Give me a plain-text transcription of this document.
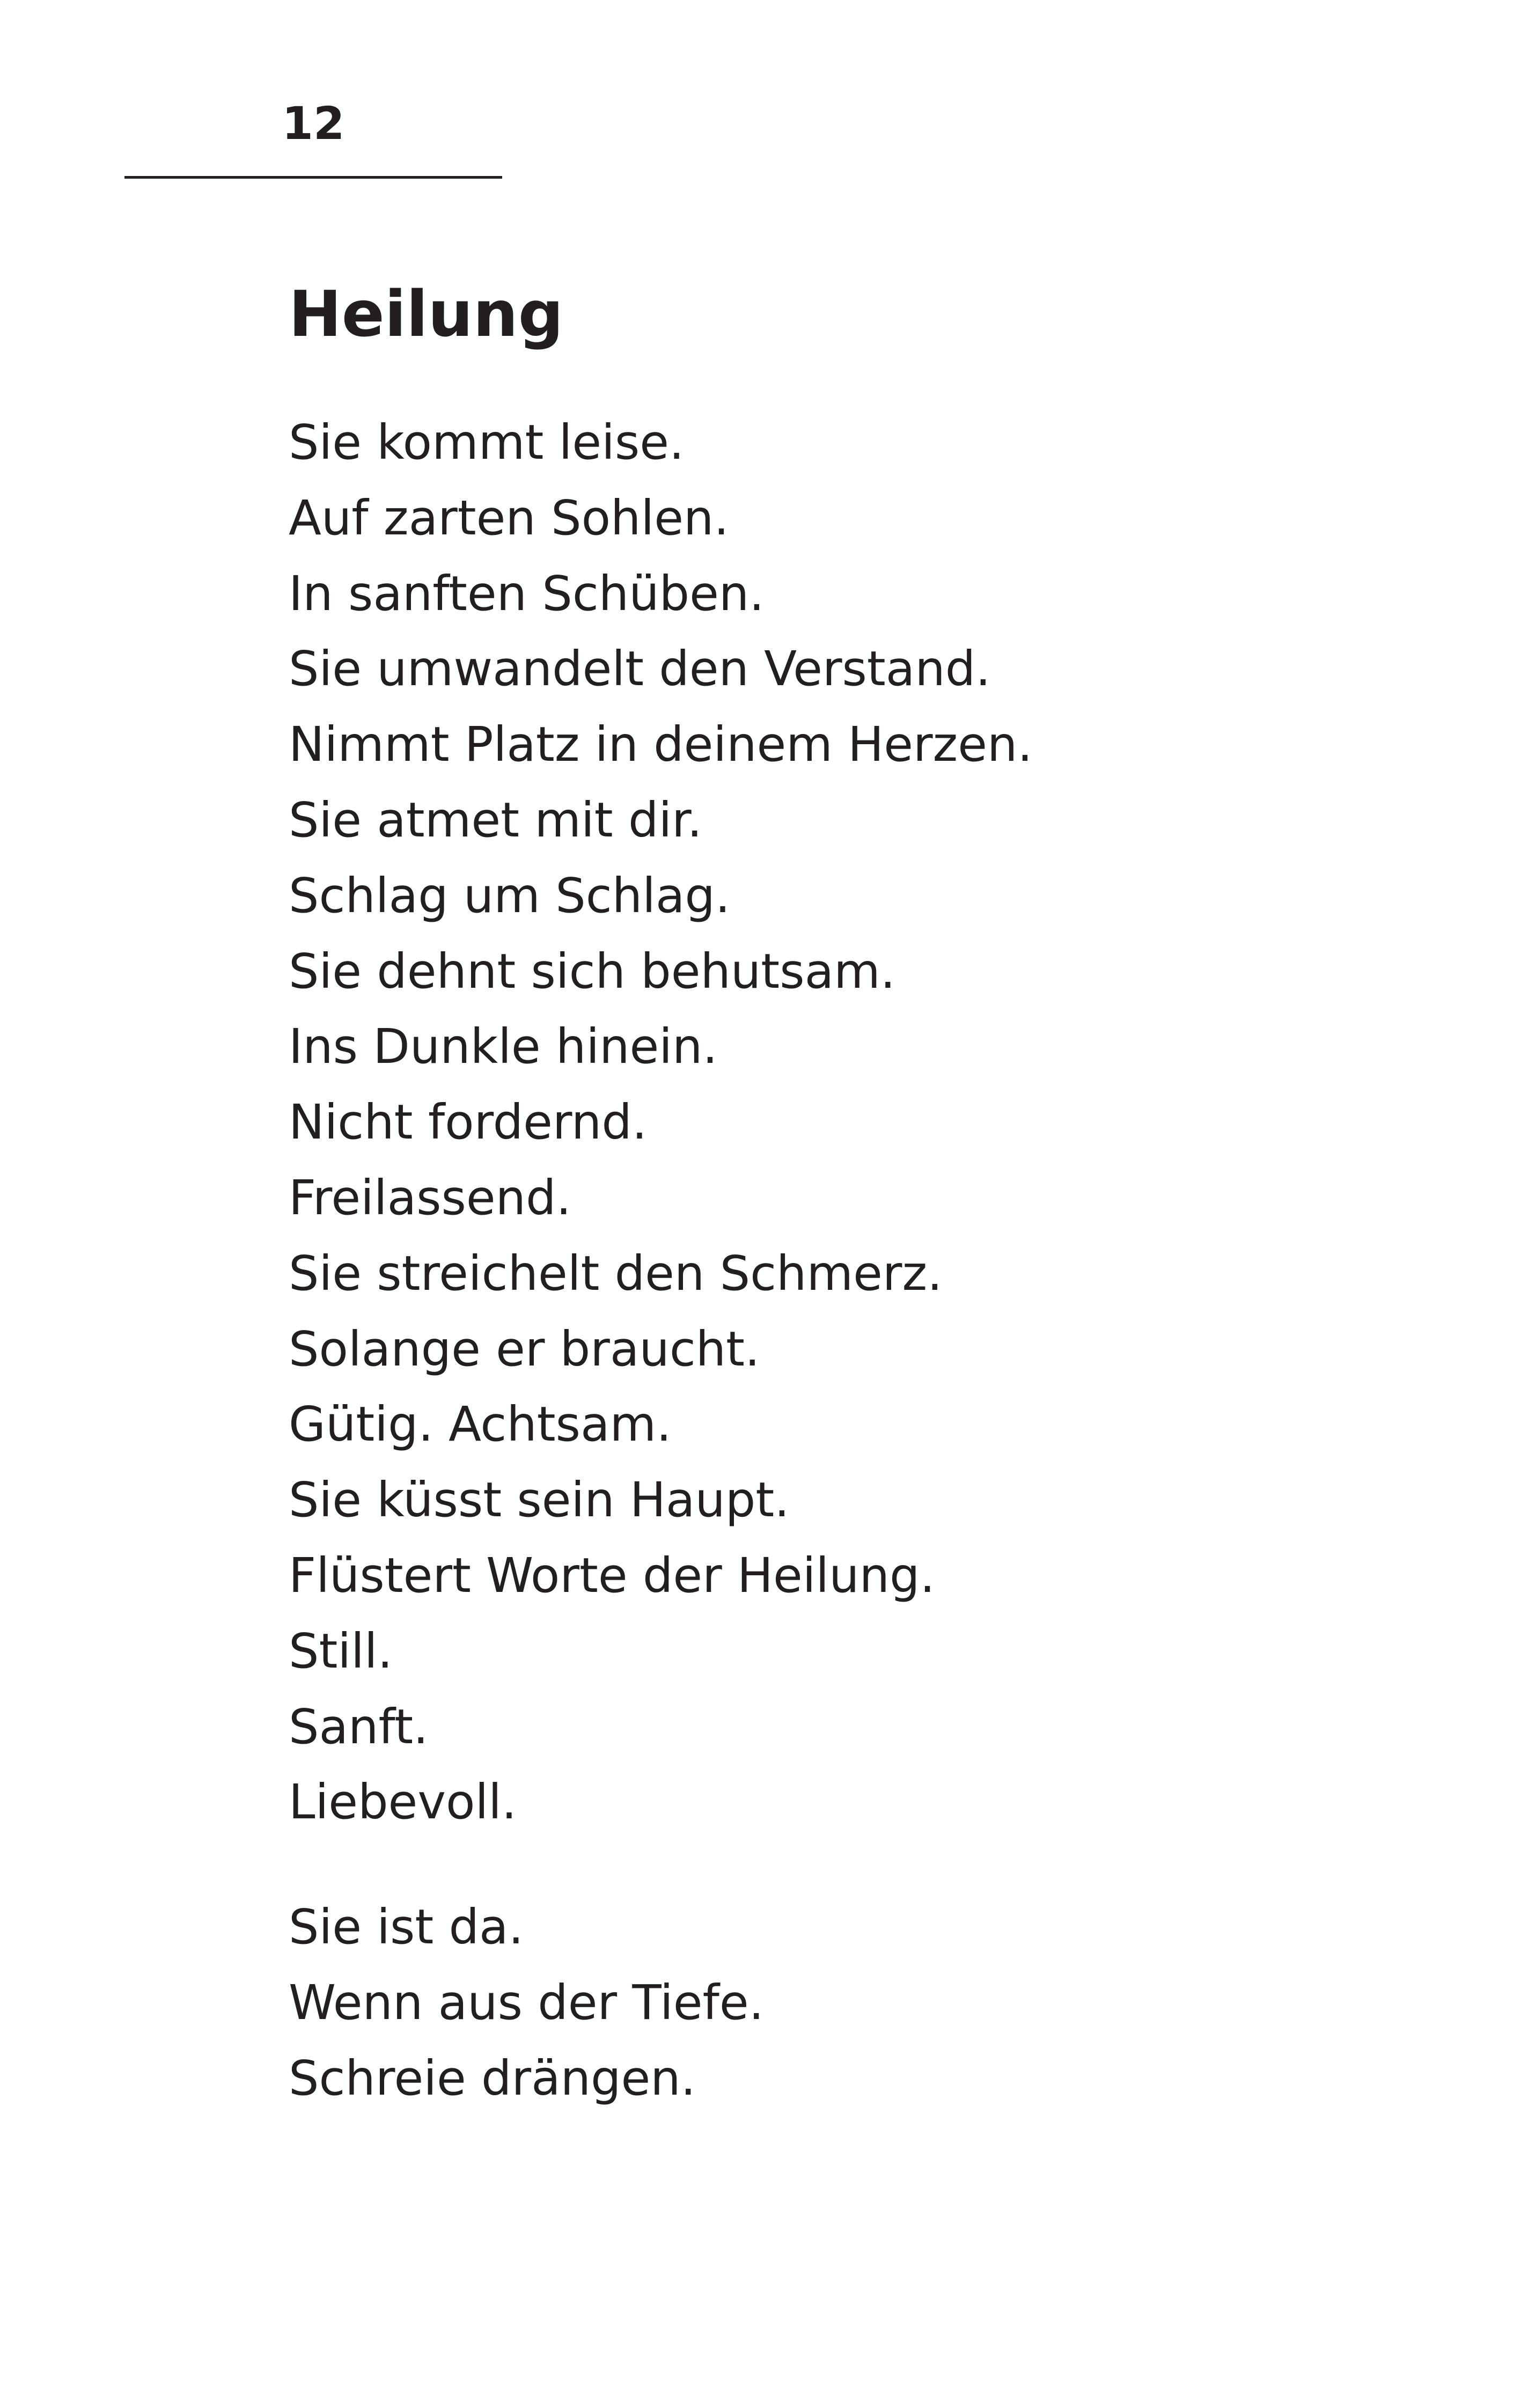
12
Heilung
Sie kommt leise.
Auf zarten Sohlen.
In sanften Schüben.
Sie umwandelt den Verstand.
Nimmt Platz in deinem Herzen.
Sie atmet mit dir.
Schlag um Schlag.
Sie dehnt sich behutsam.
Ins Dunkle hinein.
Nicht fordernd.
Freilassend.
Sie streichelt den Schmerz.
Solange er braucht.
Gütig. Achtsam.
Sie küsst sein Haupt.
Flüstert Worte der Heilung.
Still.
Sanft.
Liebevoll.
Sie ist da.
Wenn aus der Tiefe.
Schreie drängen.
